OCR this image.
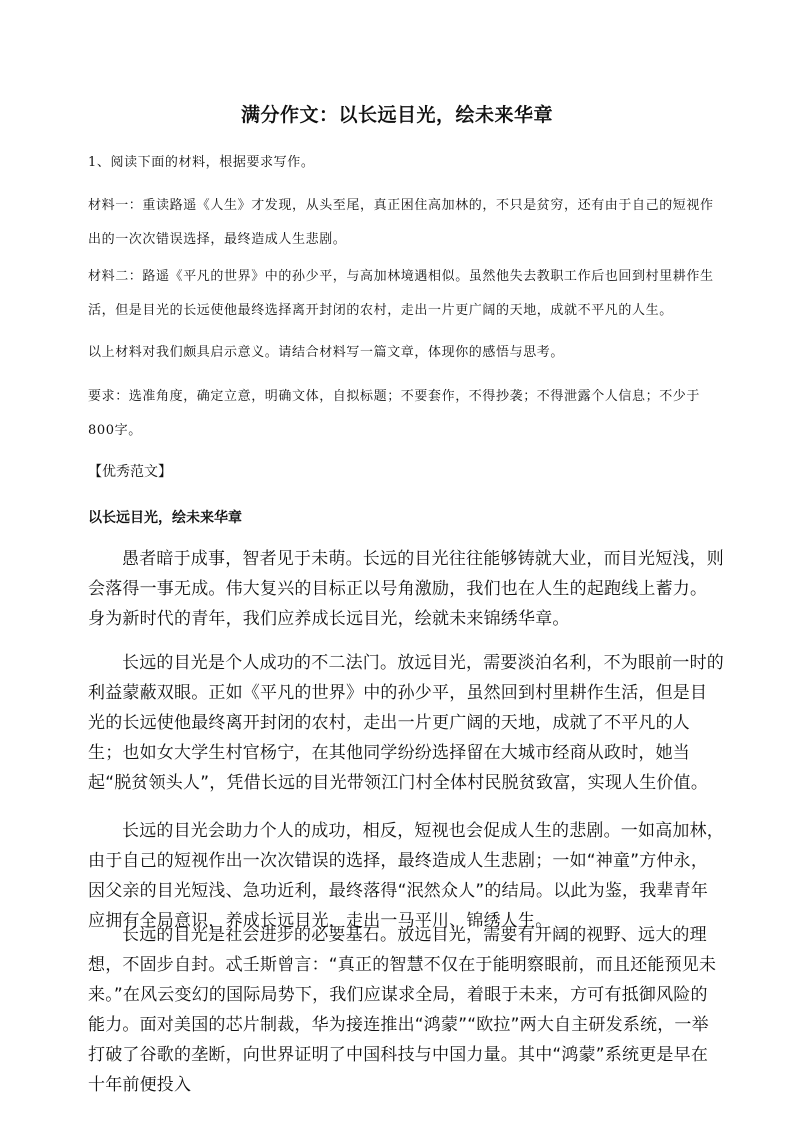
满分作文：以长远目光，绘未来华章

1、阅读下面的材料，根据要求写作。

材料一：重读路遥《人生》才发现，从头至尾，真正困住高加林的，不只是贫穷，还有由于自己的短视作出的一次次错误选择，最终造成人生悲剧。

材料二：路遥《平凡的世界》中的孙少平，与高加林境遇相似。虽然他失去教职工作后也回到村里耕作生活，但是目光的长远使他最终选择离开封闭的农村，走出一片更广阔的天地，成就不平凡的人生。

以上材料对我们颇具启示意义。请结合材料写一篇文章，体现你的感悟与思考。

要求：选准角度，确定立意，明确文体，自拟标题；不要套作，不得抄袭；不得泄露个人信息；不少于800字。

【优秀范文】
以长远目光，绘未来华章

愚者暗于成事，智者见于未萌。长远的目光往往能够铸就大业，而目光短浅，则会落得一事无成。伟大复兴的目标正以号角激励，我们也在人生的起跑线上蓄力。身为新时代的青年，我们应养成长远目光，绘就未来锦绣华章。

长远的目光是个人成功的不二法门。放远目光，需要淡泊名利，不为眼前一时的利益蒙蔽双眼。正如《平凡的世界》中的孙少平，虽然回到村里耕作生活，但是目光的长远使他最终离开封闭的农村，走出一片更广阔的天地，成就了不平凡的人生；也如女大学生村官杨宁，在其他同学纷纷选择留在大城市经商从政时，她当起“脱贫领头人”，凭借长远的目光带领江门村全体村民脱贫致富，实现人生价值。

长远的目光会助力个人的成功，相反，短视也会促成人生的悲剧。一如高加林，由于自己的短视作出一次次错误的选择，最终造成人生悲剧；一如“神童”方仲永，因父亲的目光短浅、急功近利，最终落得“泯然众人”的结局。以此为鉴，我辈青年应拥有全局意识，养成长远目光，走出一马平川、锦绣人生。

长远的目光是社会进步的必要基石。放远目光，需要有开阔的视野、远大的理想，不固步自封。忒壬斯曾言：“真正的智慧不仅在于能明察眼前，而且还能预见未来。”在风云变幻的国际局势下，我们应谋求全局，着眼于未来，方可有抵御风险的能力。面对美国的芯片制裁，华为接连推出“鸿蒙”“欧拉”两大自主研发系统，一举打破了谷歌的垄断，向世界证明了中国科技与中国力量。其中“鸿蒙”系统更是早在十年前便投入
